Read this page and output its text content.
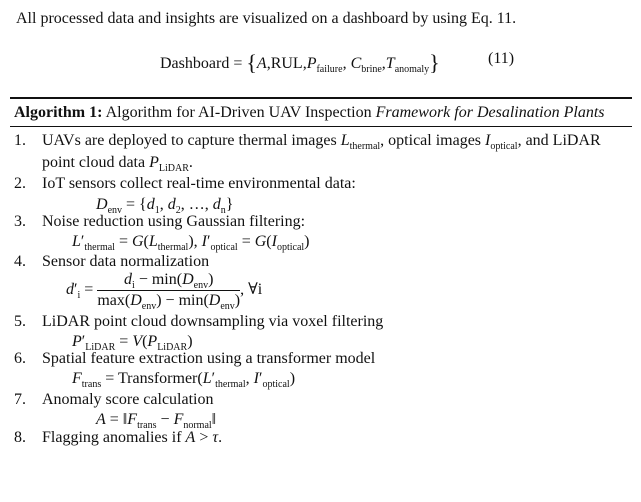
All processed data and insights are visualized on a dashboard by using Eq. 11.
Dashboard = {$A,RUL,P_{failure}$, $C_{brine},T_{anomaly}$}	(11)
Algorithm 1: Algorithm for AI-Driven UAV Inspection Framework for Desalination Plants
1. UAVs are deployed to capture thermal images $L_{thermal}$, optical images $I_{optical}$, and LiDAR
point cloud data $P_{LiDAR}$.
2. IoT sensors collect real-time environmental data:
$D_{env} = \{d_1$, $d_2$, …, $d_n$}
3. Noise reduction using Gaussian filtering:
$L'_{thermal} = G(L_{thermal})$, $I'_{optical} = G(I_{optical})$
4. Sensor data normalization
$d'_i = \frac{d_i - \min(D_{env})}{\max(D_{env}) - \min(D_{env})}$ , ∀i
5. LiDAR point cloud downsampling via voxel filtering
$P'_{LiDAR} = V(P_{LiDAR})$
6. Spatial feature extraction using a transformer model
$F_{trans}$ = $Transformer(L'_{thermal}$, $I'_{optical}$)
7. Anomaly score calculation
$A = ‖F_{trans}$ − $F_{normal}‖$
8. Flagging anomalies if A > τ.
